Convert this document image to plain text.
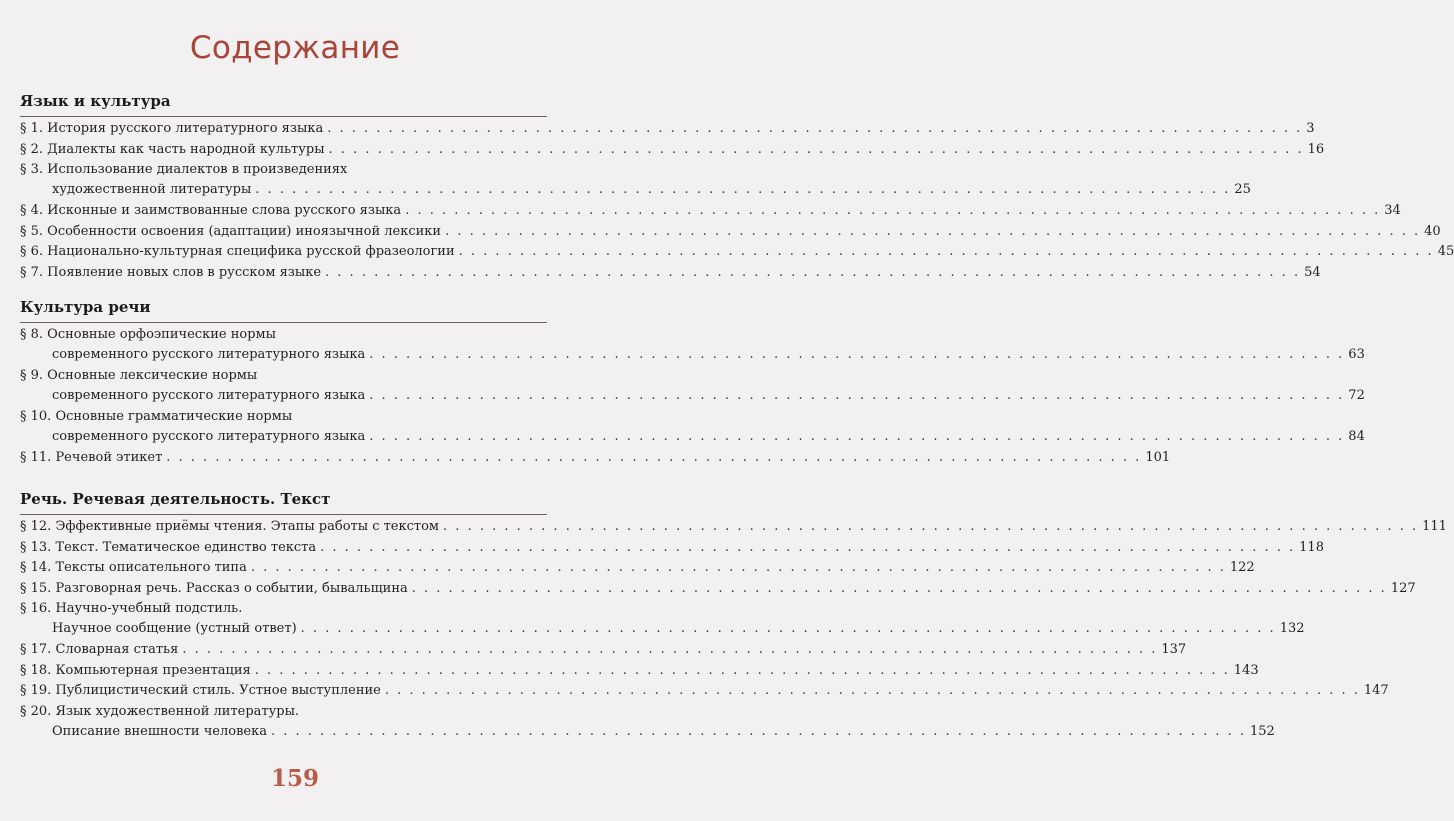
Содержание
Язык и культура
§ 1. История русского литературного языка . . . . . . . . . . . . . . . . . . . . . . . . . . . . . . . . . . . . . . . . . . . . . . . . . . . . . . . . . . . . . . . . . . . . . . . . . . . . . . . . 3
§ 2. Диалекты как часть народной культуры . . . . . . . . . . . . . . . . . . . . . . . . . . . . . . . . . . . . . . . . . . . . . . . . . . . . . . . . . . . . . . . . . . . . . . . . . . . . . . . . 16
§ 3. Использование диалектов в произведениях
художественной литературы . . . . . . . . . . . . . . . . . . . . . . . . . . . . . . . . . . . . . . . . . . . . . . . . . . . . . . . . . . . . . . . . . . . . . . . . . . . . . . . . 25
§ 4. Исконные и заимствованные слова русского языка . . . . . . . . . . . . . . . . . . . . . . . . . . . . . . . . . . . . . . . . . . . . . . . . . . . . . . . . . . . . . . . . . . . . . . . . . . . . . . . . 34
§ 5. Особенности освоения (адаптации) иноязычной лексики . . . . . . . . . . . . . . . . . . . . . . . . . . . . . . . . . . . . . . . . . . . . . . . . . . . . . . . . . . . . . . . . . . . . . . . . . . . . . . . . 40
§ 6. Национально-культурная специфика русской фразеологии . . . . . . . . . . . . . . . . . . . . . . . . . . . . . . . . . . . . . . . . . . . . . . . . . . . . . . . . . . . . . . . . . . . . . . . . . . . . . . . . 45
§ 7. Появление новых слов в русском языке . . . . . . . . . . . . . . . . . . . . . . . . . . . . . . . . . . . . . . . . . . . . . . . . . . . . . . . . . . . . . . . . . . . . . . . . . . . . . . . . 54
Культура речи
§ 8. Основные орфоэпические нормы
современного русского литературного языка . . . . . . . . . . . . . . . . . . . . . . . . . . . . . . . . . . . . . . . . . . . . . . . . . . . . . . . . . . . . . . . . . . . . . . . . . . . . . . . . 63
§ 9. Основные лексические нормы
современного русского литературного языка . . . . . . . . . . . . . . . . . . . . . . . . . . . . . . . . . . . . . . . . . . . . . . . . . . . . . . . . . . . . . . . . . . . . . . . . . . . . . . . . 72
§ 10. Основные грамматические нормы
современного русского литературного языка . . . . . . . . . . . . . . . . . . . . . . . . . . . . . . . . . . . . . . . . . . . . . . . . . . . . . . . . . . . . . . . . . . . . . . . . . . . . . . . . 84
§ 11. Речевой этикет . . . . . . . . . . . . . . . . . . . . . . . . . . . . . . . . . . . . . . . . . . . . . . . . . . . . . . . . . . . . . . . . . . . . . . . . . . . . . . . . 101
Речь. Речевая деятельность. Текст
§ 12. Эффективные приёмы чтения. Этапы работы с текстом . . . . . . . . . . . . . . . . . . . . . . . . . . . . . . . . . . . . . . . . . . . . . . . . . . . . . . . . . . . . . . . . . . . . . . . . . . . . . . . . 111
§ 13. Текст. Тематическое единство текста . . . . . . . . . . . . . . . . . . . . . . . . . . . . . . . . . . . . . . . . . . . . . . . . . . . . . . . . . . . . . . . . . . . . . . . . . . . . . . . . 118
§ 14. Тексты описательного типа . . . . . . . . . . . . . . . . . . . . . . . . . . . . . . . . . . . . . . . . . . . . . . . . . . . . . . . . . . . . . . . . . . . . . . . . . . . . . . . . 122
§ 15. Разговорная речь. Рассказ о событии, бывальщина . . . . . . . . . . . . . . . . . . . . . . . . . . . . . . . . . . . . . . . . . . . . . . . . . . . . . . . . . . . . . . . . . . . . . . . . . . . . . . . . 127
§ 16. Научно-учебный подстиль.
Научное сообщение (устный ответ) . . . . . . . . . . . . . . . . . . . . . . . . . . . . . . . . . . . . . . . . . . . . . . . . . . . . . . . . . . . . . . . . . . . . . . . . . . . . . . . . 132
§ 17. Словарная статья . . . . . . . . . . . . . . . . . . . . . . . . . . . . . . . . . . . . . . . . . . . . . . . . . . . . . . . . . . . . . . . . . . . . . . . . . . . . . . . . 137
§ 18. Компьютерная презентация . . . . . . . . . . . . . . . . . . . . . . . . . . . . . . . . . . . . . . . . . . . . . . . . . . . . . . . . . . . . . . . . . . . . . . . . . . . . . . . . 143
§ 19. Публицистический стиль. Устное выступление . . . . . . . . . . . . . . . . . . . . . . . . . . . . . . . . . . . . . . . . . . . . . . . . . . . . . . . . . . . . . . . . . . . . . . . . . . . . . . . . 147
§ 20. Язык художественной литературы.
Описание внешности человека . . . . . . . . . . . . . . . . . . . . . . . . . . . . . . . . . . . . . . . . . . . . . . . . . . . . . . . . . . . . . . . . . . . . . . . . . . . . . . . . 152
159
